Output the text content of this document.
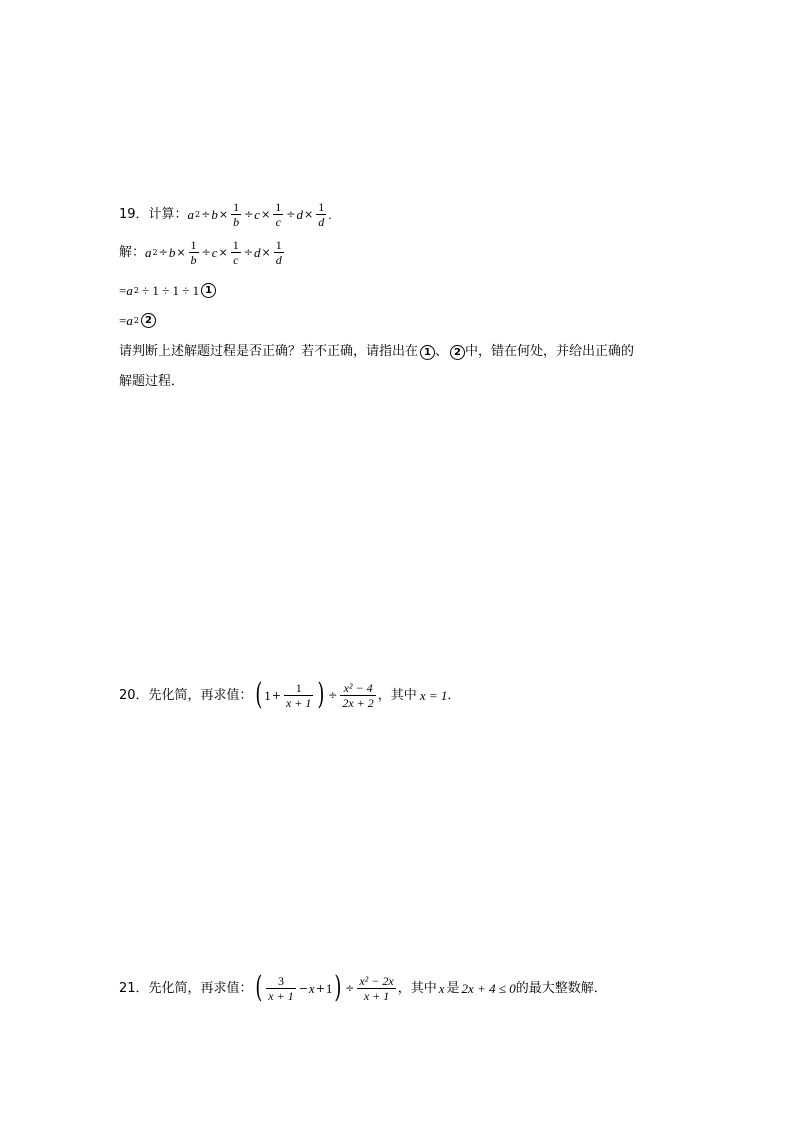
19．计算： a $2 \div b \times \frac{1}{b} \div c \times \frac{1}{c} \div d \times \frac{1}{d}$ .
解： a $2 \div b \times \frac{1}{b} \div c \times \frac{1}{c} \div d \times \frac{1}{d}$
= a 2 ÷ 1 ÷ 1 ÷ 1 1
= a 2 2
请判断上述解题过程是否正确？若不正确，请指出在 1 、 2 中，错在何处，并给出正确的
解题过程．
20．先化简，再求值： ( $1 + \frac{1}{x + 1}$ ) ÷ $\frac{\text{x² − 4}}{2x + 2}$ ，其中 x = 1 ．
21．先化简，再求值： ( $\frac{3}{x + 1} - x + 1$ ) ÷ $\frac{\text{x² − 2x}}{x + 1}$ ，其中 x 是 2x + 4 ≤ 0 的最大整数解．
